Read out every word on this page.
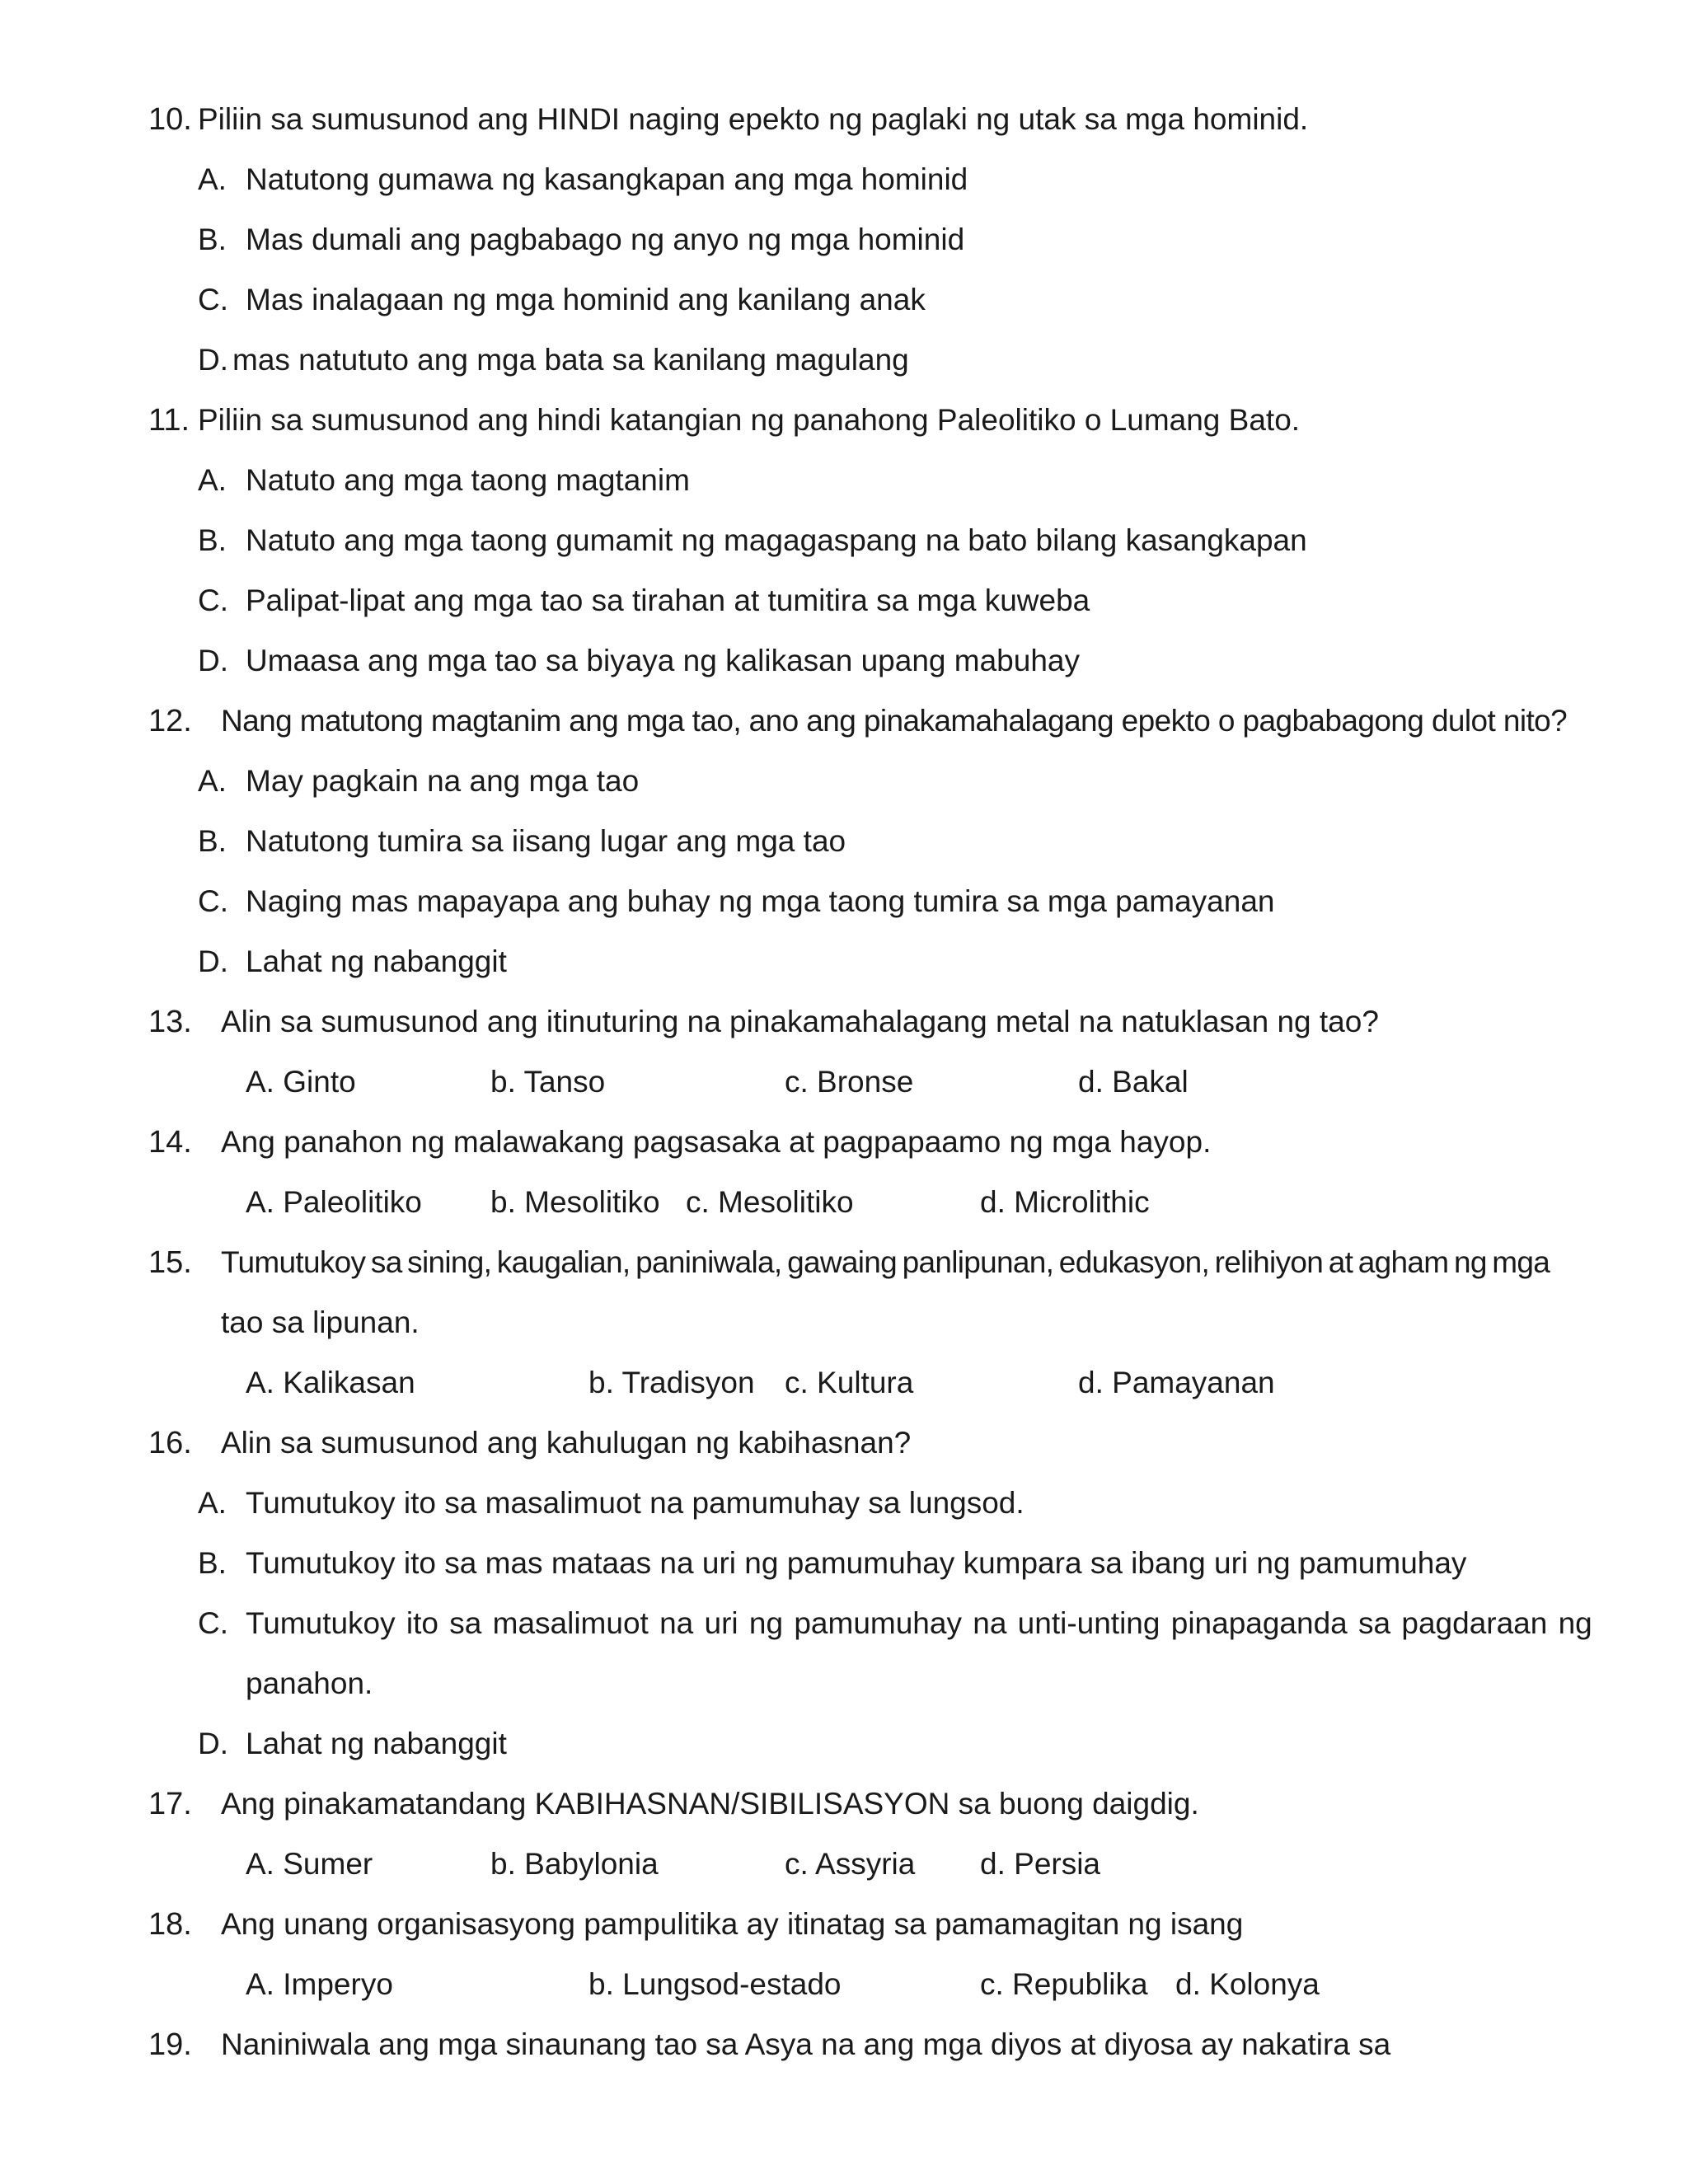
10. Piliin sa sumusunod ang HINDI naging epekto ng paglaki ng utak sa mga hominid.
A. Natutong gumawa ng kasangkapan ang mga hominid
B. Mas dumali ang pagbabago ng anyo ng mga hominid
C. Mas inalagaan ng mga hominid ang kanilang anak
D. mas natututo ang mga bata sa kanilang magulang
11. Piliin sa sumusunod ang hindi katangian ng panahong Paleolitiko o Lumang Bato.
A. Natuto ang mga taong magtanim
B. Natuto ang mga taong gumamit ng magagaspang na bato bilang kasangkapan
C. Palipat-lipat ang mga tao sa tirahan at tumitira sa mga kuweba
D. Umaasa ang mga tao sa biyaya ng kalikasan upang mabuhay
12. Nang matutong magtanim ang mga tao, ano ang pinakamahalagang epekto o pagbabagong dulot nito?
A. May pagkain na ang mga tao
B. Natutong tumira sa iisang lugar ang mga tao
C. Naging mas mapayapa ang buhay ng mga taong tumira sa mga pamayanan
D. Lahat ng nabanggit
13. Alin sa sumusunod ang itinuturing na pinakamahalagang metal na natuklasan ng tao?
A. Ginto	b. Tanso	c. Bronse	d. Bakal
14. Ang panahon ng malawakang pagsasaka at pagpapaamo ng mga hayop.
A. Paleolitiko b. Mesolitiko c. Mesolitiko	d. Microlithic
15. Tumutukoy sa sining, kaugalian, paniniwala, gawaing panlipunan, edukasyon, relihiyon at agham ng mga
tao sa lipunan.
A. Kalikasan	b. Tradisyon c. Kultura	d. Pamayanan
16. Alin sa sumusunod ang kahulugan ng kabihasnan?
A. Tumutukoy ito sa masalimuot na pamumuhay sa lungsod.
B. Tumutukoy ito sa mas mataas na uri ng pamumuhay kumpara sa ibang uri ng pamumuhay
C. Tumutukoy ito sa masalimuot na uri ng pamumuhay na unti-unting pinapaganda sa pagdaraan ng
panahon.
D. Lahat ng nabanggit
17. Ang pinakamatandang KABIHASNAN/SIBILISASYON sa buong daigdig.
A. Sumer	b. Babylonia	c. Assyria d. Persia
18. Ang unang organisasyong pampulitika ay itinatag sa pamamagitan ng isang
A. Imperyo	b. Lungsod-estado	c. Republika d. Kolonya
19. Naniniwala ang mga sinaunang tao sa Asya na ang mga diyos at diyosa ay nakatira sa
